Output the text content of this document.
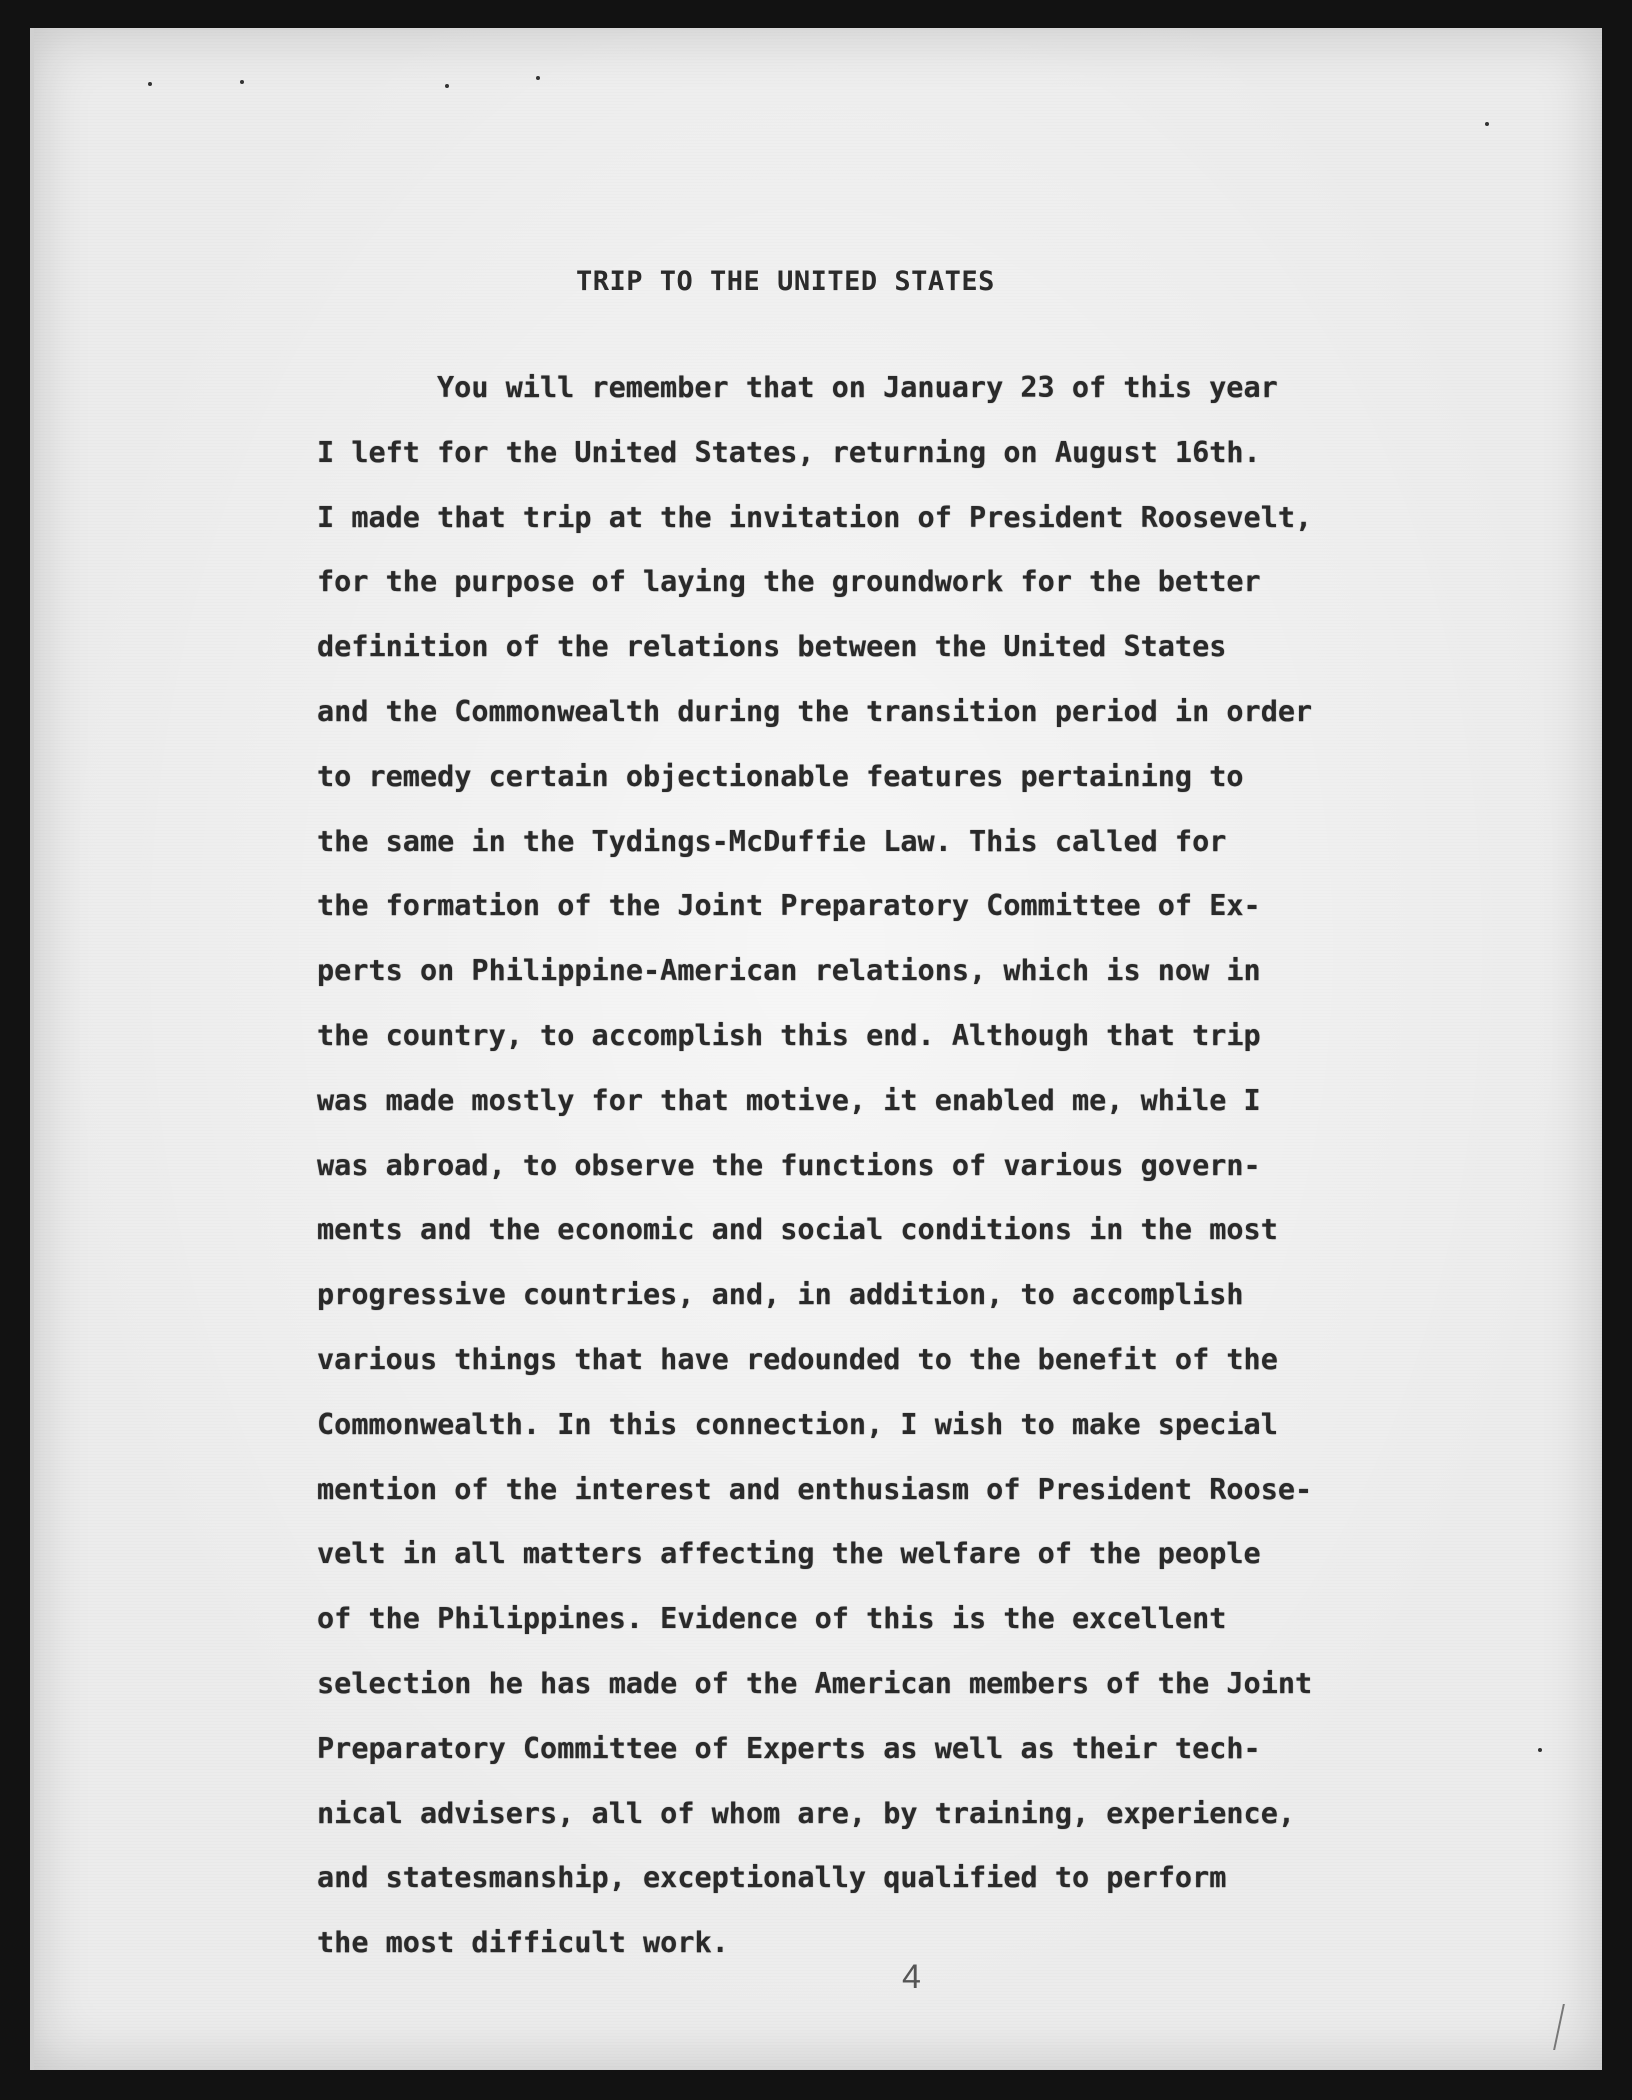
TRIP TO THE UNITED STATES
You will remember that on January 23 of this year
I left for the United States, returning on August 16th.
I made that trip at the invitation of President Roosevelt,
for the purpose of laying the groundwork for the better
definition of the relations between the United States
and the Commonwealth during the transition period in order
to remedy certain objectionable features pertaining to
the same in the Tydings-McDuffie Law. This called for
the formation of the Joint Preparatory Committee of Ex-
perts on Philippine-American relations, which is now in
the country, to accomplish this end. Although that trip
was made mostly for that motive, it enabled me, while I
was abroad, to observe the functions of various govern-
ments and the economic and social conditions in the most
progressive countries, and, in addition, to accomplish
various things that have redounded to the benefit of the
Commonwealth. In this connection, I wish to make special
mention of the interest and enthusiasm of President Roose-
velt in all matters affecting the welfare of the people
of the Philippines. Evidence of this is the excellent
selection he has made of the American members of the Joint
Preparatory Committee of Experts as well as their tech-
nical advisers, all of whom are, by training, experience,
and statesmanship, exceptionally qualified to perform
the most difficult work.
4
